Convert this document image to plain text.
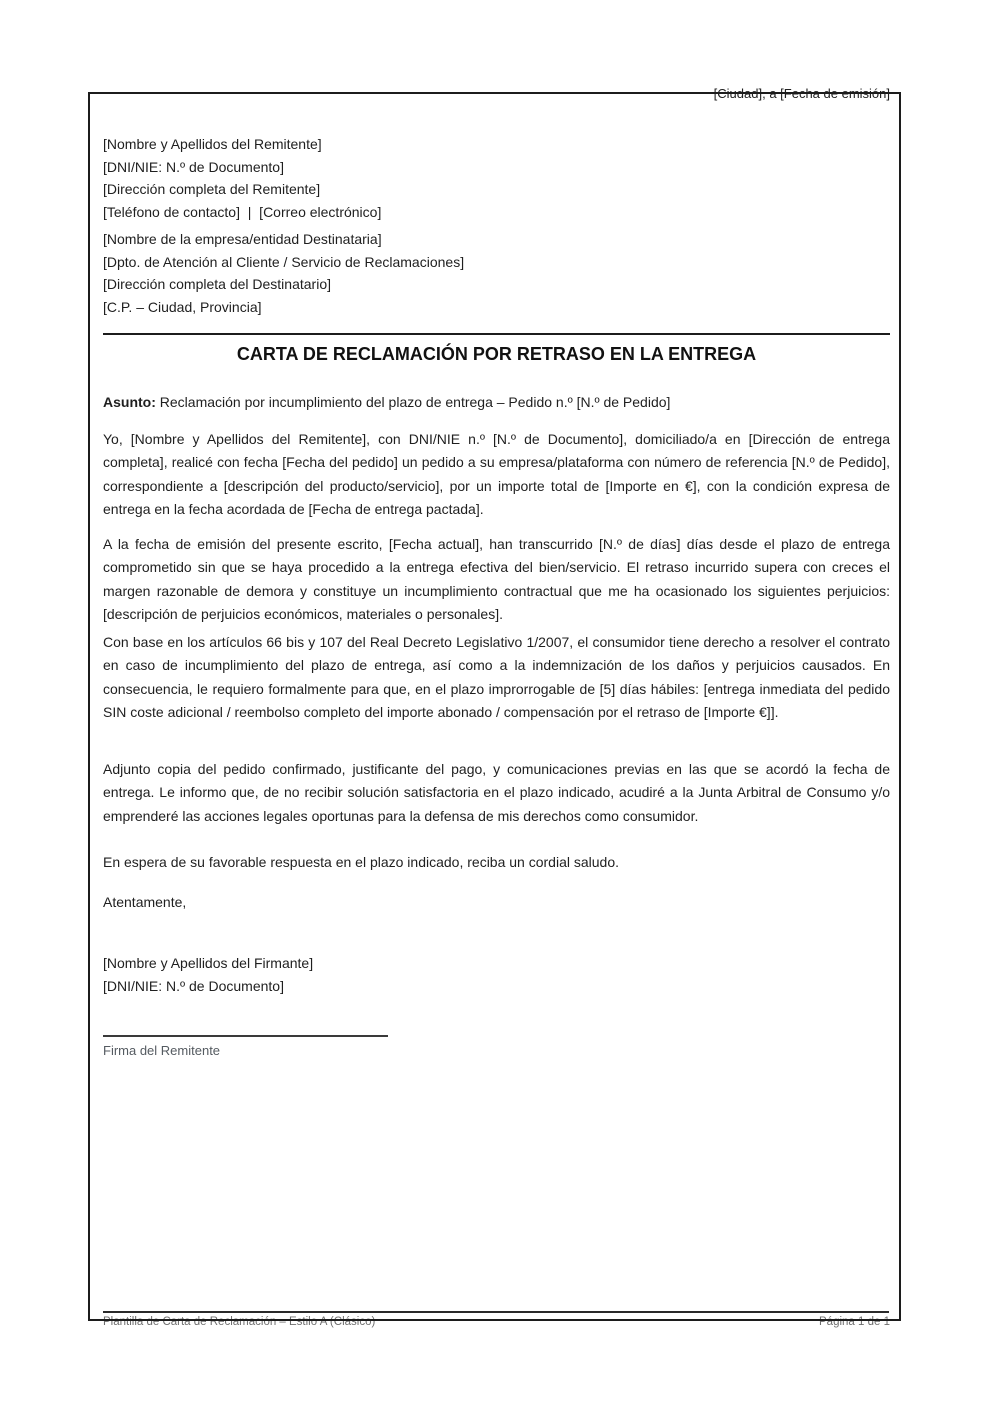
[Ciudad], a [Fecha de emisión]
[Nombre y Apellidos del Remitente]
[DNI/NIE: N.º de Documento]
[Dirección completa del Remitente]
[Teléfono de contacto]  |  [Correo electrónico]
[Nombre de la empresa/entidad Destinataria]
[Dpto. de Atención al Cliente / Servicio de Reclamaciones]
[Dirección completa del Destinatario]
[C.P. – Ciudad, Provincia]
CARTA DE RECLAMACIÓN POR RETRASO EN LA ENTREGA
Asunto: Reclamación por incumplimiento del plazo de entrega – Pedido n.º [N.º de Pedido]

Yo, [Nombre y Apellidos del Remitente], con DNI/NIE n.º [N.º de Documento], domiciliado/a en [Dirección de entrega completa], realicé con fecha [Fecha del pedido] un pedido a su empresa/plataforma con número de referencia [N.º de Pedido], correspondiente a [descripción del producto/servicio], por un importe total de [Importe en €], con la condición expresa de entrega en la fecha acordada de [Fecha de entrega pactada].

A la fecha de emisión del presente escrito, [Fecha actual], han transcurrido [N.º de días] días desde el plazo de entrega comprometido sin que se haya procedido a la entrega efectiva del bien/servicio. El retraso incurrido supera con creces el margen razonable de demora y constituye un incumplimiento contractual que me ha ocasionado los siguientes perjuicios: [descripción de perjuicios económicos, materiales o personales].

Con base en los artículos 66 bis y 107 del Real Decreto Legislativo 1/2007, el consumidor tiene derecho a resolver el contrato en caso de incumplimiento del plazo de entrega, así como a la indemnización de los daños y perjuicios causados. En consecuencia, le requiero formalmente para que, en el plazo improrrogable de [5] días hábiles: [entrega inmediata del pedido SIN coste adicional / reembolso completo del importe abonado / compensación por el retraso de [Importe €]].

Adjunto copia del pedido confirmado, justificante del pago, y comunicaciones previas en las que se acordó la fecha de entrega. Le informo que, de no recibir solución satisfactoria en el plazo indicado, acudiré a la Junta Arbitral de Consumo y/o emprenderé las acciones legales oportunas para la defensa de mis derechos como consumidor.

En espera de su favorable respuesta en el plazo indicado, reciba un cordial saludo.

Atentamente,
[Nombre y Apellidos del Firmante]
[DNI/NIE: N.º de Documento]
Firma del Remitente
Plantilla de Carta de Reclamación – Estilo A (Clásico)	Página 1 de 1
